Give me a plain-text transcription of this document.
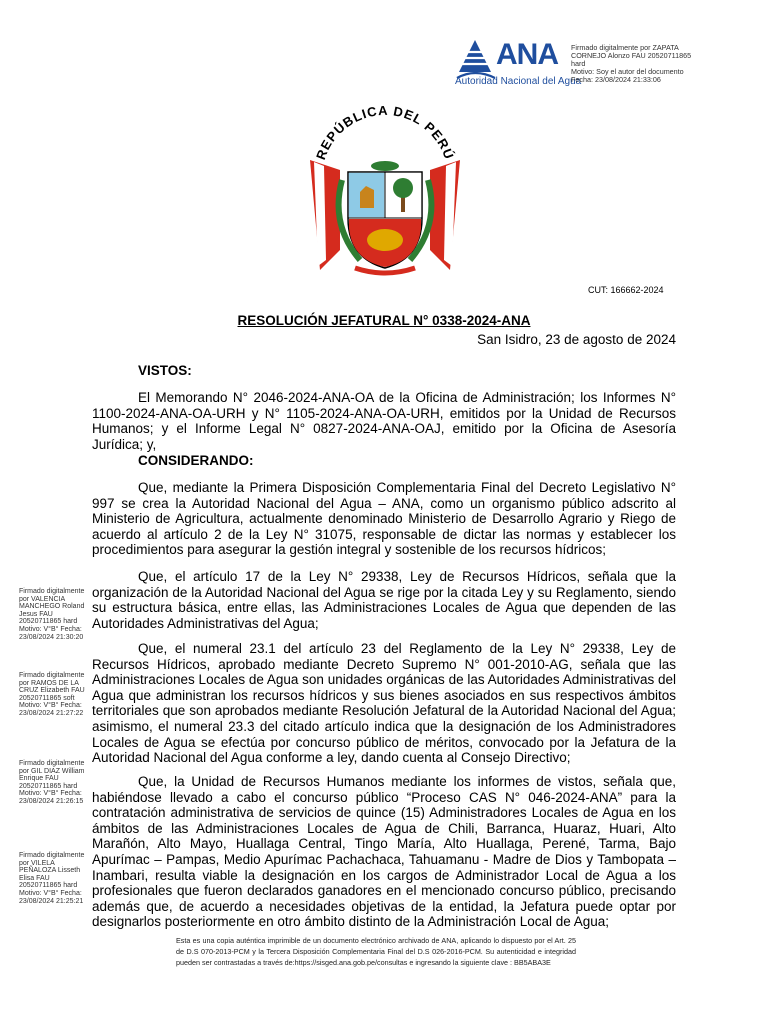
ANA
Autoridad Nacional del Agua
Firmado digitalmente por ZAPATA
CORNEJO Alonzo FAU 20520711865
hard
Motivo: Soy el autor del documento
Fecha: 23/08/2024 21:33:06
REPÚBLICA DEL PERÚ
CUT: 166662-2024
RESOLUCIÓN JEFATURAL N° 0338-2024-ANA
San Isidro, 23 de agosto de 2024
VISTOS:
El Memorando N° 2046-2024-ANA-OA de la Oficina de Administración; los Informes N° 1100-2024-ANA-OA-URH y N° 1105-2024-ANA-OA-URH, emitidos por la Unidad de Recursos Humanos; y el Informe Legal N° 0827-2024-ANA-OAJ, emitido por la Oficina de Asesoría Jurídica; y,
CONSIDERANDO:
Que, mediante la Primera Disposición Complementaria Final del Decreto Legislativo N° 997 se crea la Autoridad Nacional del Agua – ANA, como un organismo público adscrito al Ministerio de Agricultura, actualmente denominado Ministerio de Desarrollo Agrario y Riego de acuerdo al artículo 2 de la Ley N° 31075, responsable de dictar las normas y establecer los procedimientos para asegurar la gestión integral y sostenible de los recursos hídricos;
Que, el artículo 17 de la Ley N° 29338, Ley de Recursos Hídricos, señala que la organización de la Autoridad Nacional del Agua se rige por la citada Ley y su Reglamento, siendo su estructura básica, entre ellas, las Administraciones Locales de Agua que dependen de las Autoridades Administrativas del Agua;
Que, el numeral 23.1 del artículo 23 del Reglamento de la Ley N° 29338, Ley de Recursos Hídricos, aprobado mediante Decreto Supremo N° 001-2010-AG, señala que las Administraciones Locales de Agua son unidades orgánicas de las Autoridades Administrativas del Agua que administran los recursos hídricos y sus bienes asociados en sus respectivos ámbitos territoriales que son aprobados mediante Resolución Jefatural de la Autoridad Nacional del Agua; asimismo, el numeral 23.3 del citado artículo indica que la designación de los Administradores Locales de Agua se efectúa por concurso público de méritos, convocado por la Jefatura de la Autoridad Nacional del Agua conforme a ley, dando cuenta al Consejo Directivo;
Que, la Unidad de Recursos Humanos mediante los informes de vistos, señala que, habiéndose llevado a cabo el concurso público “Proceso CAS N° 046-2024-ANA” para la contratación administrativa de servicios de quince (15) Administradores Locales de Agua en los ámbitos de las Administraciones Locales de Agua de Chili, Barranca, Huaraz, Huari, Alto Marañón, Alto Mayo, Huallaga Central, Tingo María, Alto Huallaga, Perené, Tarma, Bajo Apurímac – Pampas, Medio Apurímac Pachachaca, Tahuamanu - Madre de Dios y Tambopata – Inambari, resulta viable la designación en los cargos de Administrador Local de Agua a los profesionales que fueron declarados ganadores en el mencionado concurso público, precisando además que, de acuerdo a necesidades objetivas de la entidad, la Jefatura puede optar por designarlos posteriormente en otro ámbito distinto de la Administración Local de Agua;
Firmado digitalmente por VALENCIA MANCHEGO Roland Jesus FAU 20520711865 hard Motivo: V°B° Fecha: 23/08/2024 21:30:20
Firmado digitalmente por RAMOS DE LA CRUZ Elizabeth FAU 20520711865 soft Motivo: V°B° Fecha: 23/08/2024 21:27:22
Firmado digitalmente por GIL DIAZ William Enrique FAU 20520711865 hard Motivo: V°B° Fecha: 23/08/2024 21:26:15
Firmado digitalmente por VILELA PEÑALOZA Lisseth Elisa FAU 20520711865 hard Motivo: V°B° Fecha: 23/08/2024 21:25:21
Esta es una copia auténtica imprimible de un documento electrónico archivado de ANA, aplicando lo dispuesto por el Art. 25 de D.S 070-2013-PCM y la Tercera Disposición Complementaria Final del D.S 026-2016-PCM. Su autenticidad e integridad pueden ser contrastadas a través de:https://sisged.ana.gob.pe/consultas e ingresando la siguiente clave : BB5ABA3E
